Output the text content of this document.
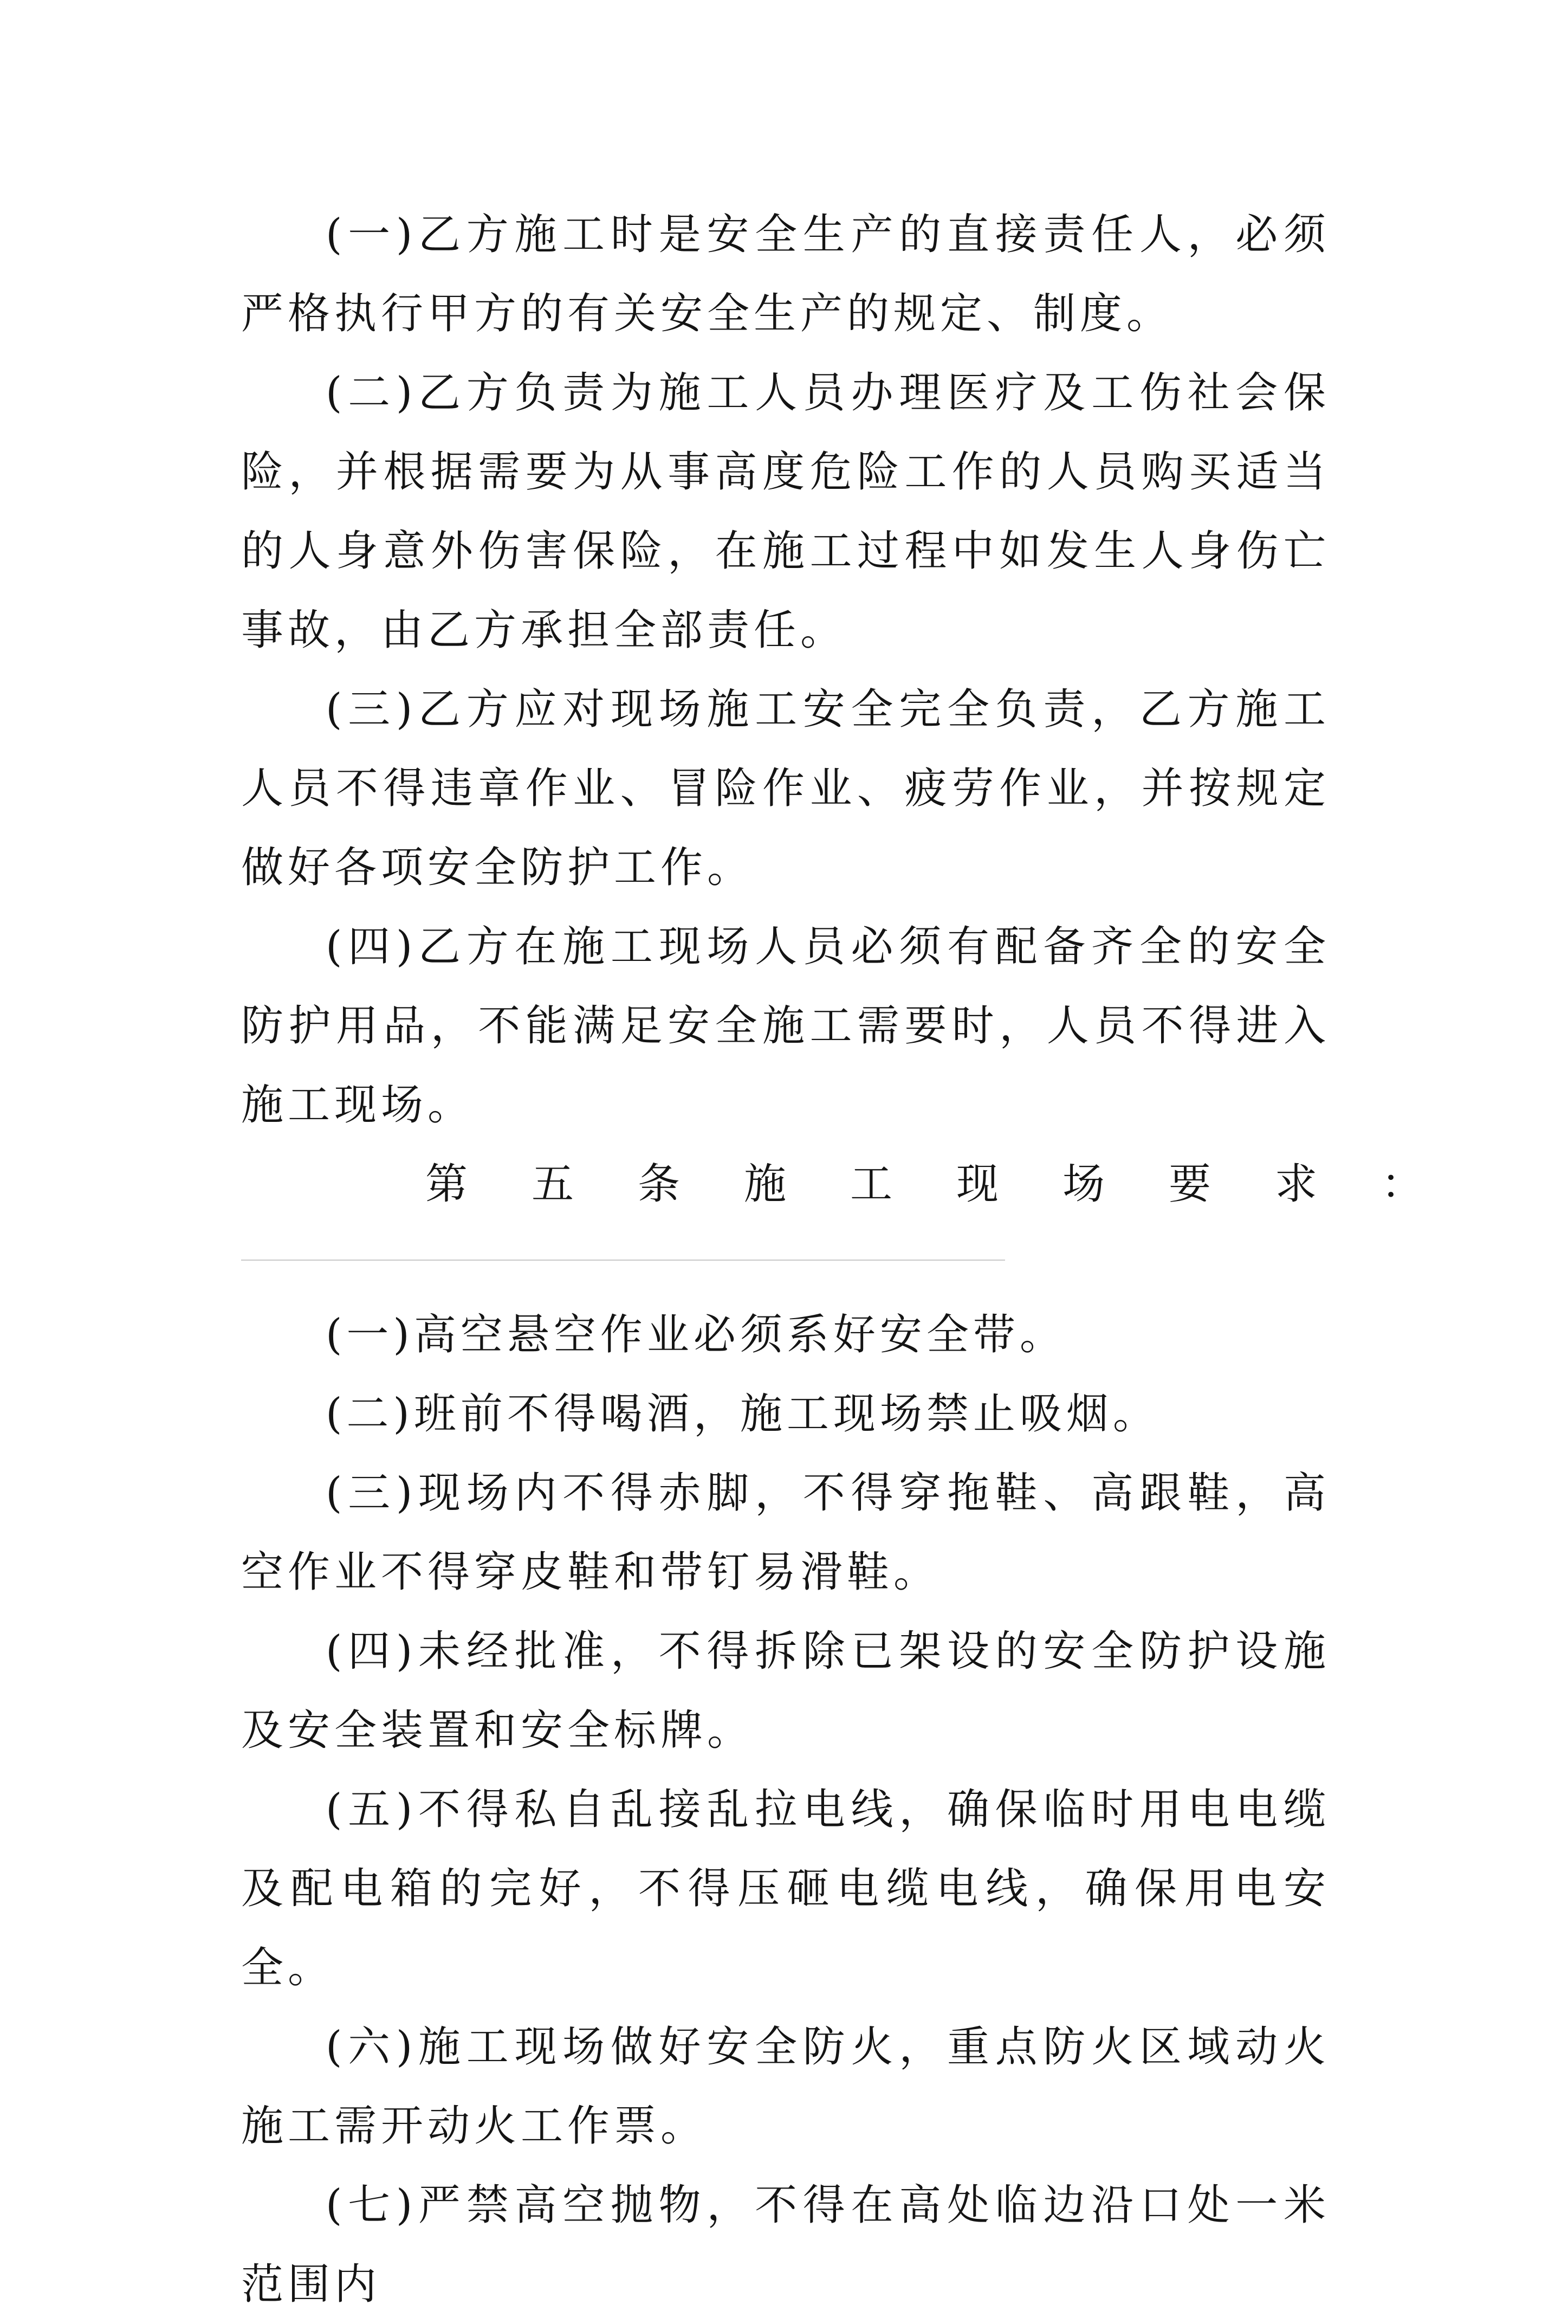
(一)乙方施工时是安全生产的直接责任人，必须严格执行甲方的有关安全生产的规定、制度。

(二)乙方负责为施工人员办理医疗及工伤社会保险，并根据需要为从事高度危险工作的人员购买适当的人身意外伤害保险，在施工过程中如发生人身伤亡事故，由乙方承担全部责任。

(三)乙方应对现场施工安全完全负责，乙方施工人员不得违章作业、冒险作业、疲劳作业，并按规定做好各项安全防护工作。

(四)乙方在施工现场人员必须有配备齐全的安全防护用品，不能满足安全施工需要时，人员不得进入施工现场。

第五条施工现场要求：

(一)高空悬空作业必须系好安全带。

(二)班前不得喝酒，施工现场禁止吸烟。

(三)现场内不得赤脚，不得穿拖鞋、高跟鞋，高空作业不得穿皮鞋和带钉易滑鞋。

(四)未经批准，不得拆除已架设的安全防护设施及安全装置和安全标牌。

(五)不得私自乱接乱拉电线，确保临时用电电缆及配电箱的完好，不得压砸电缆电线，确保用电安全。

(六)施工现场做好安全防火，重点防火区域动火施工需开动火工作票。

(七)严禁高空抛物，不得在高处临边沿口处一米范围内
